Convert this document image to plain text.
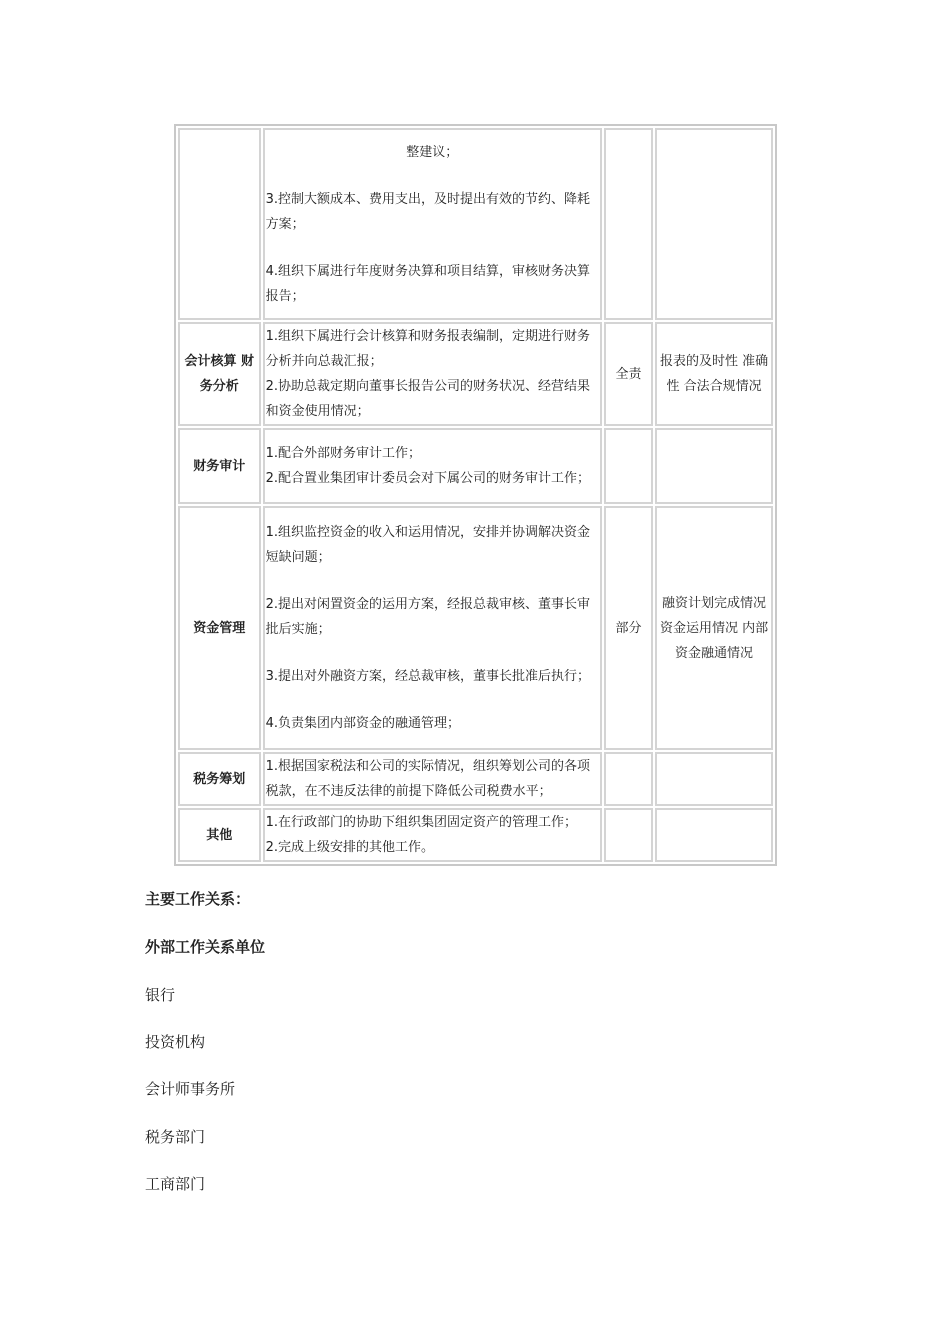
	整建议；
3.控制大额成本、费用支出，及时提出有效的节约、降耗方案；
4.组织下属进行年度财务决算和项目结算，审核财务决算报告；		

会计核算 财务分析	1.组织下属进行会计核算和财务报表编制，定期进行财务分析并向总裁汇报；
2.协助总裁定期向董事长报告公司的财务状况、经营结果和资金使用情况；	全责	报表的及时性 准确性 合法合规情况
财务审计	1.配合外部财务审计工作；
2.配合置业集团审计委员会对下属公司的财务审计工作；		

资金管理	1.组织监控资金的收入和运用情况，安排并协调解决资金短缺问题；
2.提出对闲置资金的运用方案，经报总裁审核、董事长审批后实施；
3.提出对外融资方案，经总裁审核，董事长批准后执行；
4.负责集团内部资金的融通管理；	部分	融资计划完成情况 资金运用情况 内部资金融通情况
税务筹划	1.根据国家税法和公司的实际情况，组织筹划公司的各项税款，在不违反法律的前提下降低公司税费水平；		

其他	1.在行政部门的协助下组织集团固定资产的管理工作；
2.完成上级安排的其他工作。		

主要工作关系：
外部工作关系单位
银行
投资机构
会计师事务所
税务部门
工商部门
